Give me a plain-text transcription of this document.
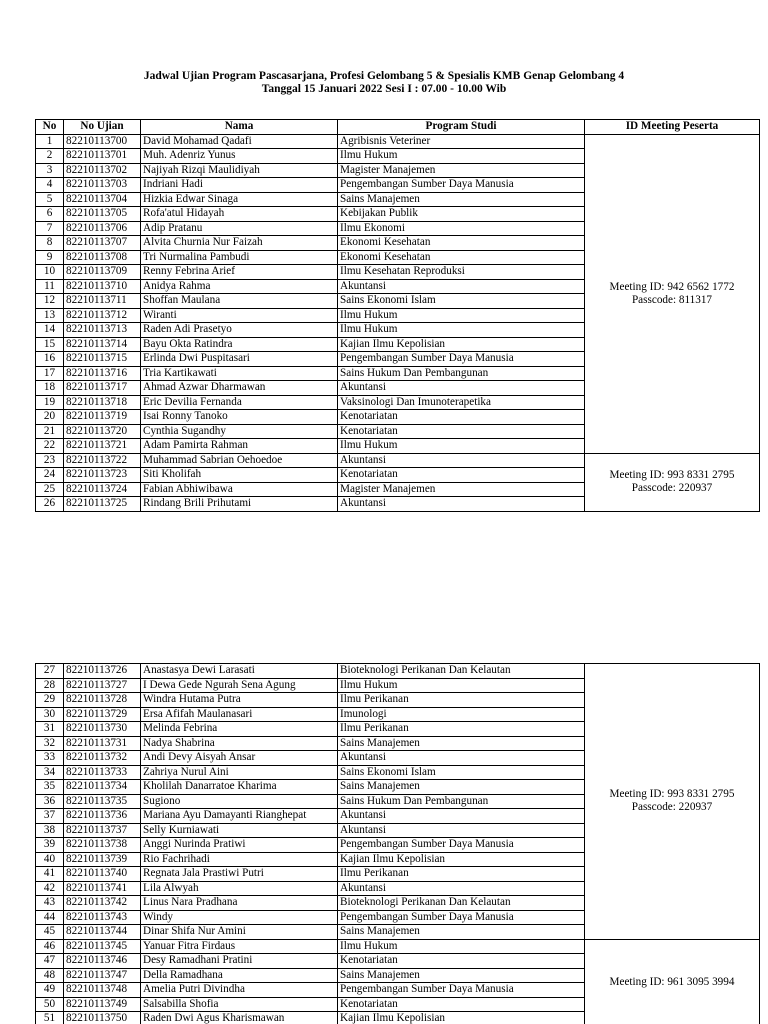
Jadwal Ujian Program Pascasarjana, Profesi Gelombang 5 & Spesialis KMB Genap Gelombang 4
Tanggal 15 Januari 2022 Sesi I : 07.00 - 10.00 Wib
No	No Ujian	Nama	Program Studi	ID Meeting Peserta
1	82210113700	David Mohamad Qadafi	Agribisnis Veteriner	Meeting ID: 942 6562 1772
Passcode: 811317

2	82210113701	Muh. Adenriz Yunus	Ilmu Hukum	
3	82210113702	Najiyah Rizqi Maulidiyah	Magister Manajemen	
4	82210113703	Indriani Hadi	Pengembangan Sumber Daya Manusia	
5	82210113704	Hizkia Edwar Sinaga	Sains Manajemen	
6	82210113705	Rofa'atul Hidayah	Kebijakan Publik	
7	82210113706	Adip Pratanu	Ilmu Ekonomi	
8	82210113707	Alvita Churnia Nur Faizah	Ekonomi Kesehatan	
9	82210113708	Tri Nurmalina Pambudi	Ekonomi Kesehatan	
10	82210113709	Renny Febrina Arief	Ilmu Kesehatan Reproduksi	
11	82210113710	Anidya Rahma	Akuntansi	
12	82210113711	Shoffan Maulana	Sains Ekonomi Islam	
13	82210113712	Wiranti	Ilmu Hukum	
14	82210113713	Raden Adi Prasetyo	Ilmu Hukum	
15	82210113714	Bayu Okta Ratindra	Kajian Ilmu Kepolisian	
16	82210113715	Erlinda Dwi Puspitasari	Pengembangan Sumber Daya Manusia	
17	82210113716	Tria Kartikawati	Sains Hukum Dan Pembangunan	
18	82210113717	Ahmad Azwar Dharmawan	Akuntansi	
19	82210113718	Eric Devilia Fernanda	Vaksinologi Dan Imunoterapetika	
20	82210113719	Isai Ronny Tanoko	Kenotariatan	
21	82210113720	Cynthia Sugandhy	Kenotariatan	
22	82210113721	Adam Pamirta Rahman	Ilmu Hukum	
23	82210113722	Muhammad Sabrian Oehoedoe	Akuntansi	Meeting ID: 993 8331 2795
Passcode: 220937

24	82210113723	Siti Kholifah	Kenotariatan	
25	82210113724	Fabian Abhiwibawa	Magister Manajemen	
26	82210113725	Rindang Brili Prihutami	Akuntansi	
27	82210113726	Anastasya Dewi Larasati	Bioteknologi Perikanan Dan Kelautan	Meeting ID: 993 8331 2795
Passcode: 220937

28	82210113727	I Dewa Gede Ngurah Sena Agung	Ilmu Hukum	
29	82210113728	Windra Hutama Putra	Ilmu Perikanan	
30	82210113729	Ersa Afifah Maulanasari	Imunologi	
31	82210113730	Melinda Febrina	Ilmu Perikanan	
32	82210113731	Nadya Shabrina	Sains Manajemen	
33	82210113732	Andi Devy Aisyah Ansar	Akuntansi	
34	82210113733	Zahriya Nurul Aini	Sains Ekonomi Islam	
35	82210113734	Kholilah Danarratoe Kharima	Sains Manajemen	
36	82210113735	Sugiono	Sains Hukum Dan Pembangunan	
37	82210113736	Mariana Ayu Damayanti Rianghepat	Akuntansi	
38	82210113737	Selly Kurniawati	Akuntansi	
39	82210113738	Anggi Nurinda Pratiwi	Pengembangan Sumber Daya Manusia	
40	82210113739	Rio Fachrihadi	Kajian Ilmu Kepolisian	
41	82210113740	Regnata Jala Prastiwi Putri	Ilmu Perikanan	
42	82210113741	Lila Alwyah	Akuntansi	
43	82210113742	Linus Nara Pradhana	Bioteknologi Perikanan Dan Kelautan	
44	82210113743	Windy	Pengembangan Sumber Daya Manusia	
45	82210113744	Dinar Shifa Nur Amini	Sains Manajemen	
46	82210113745	Yanuar Fitra Firdaus	Ilmu Hukum	Meeting ID: 961 3095 3994

47	82210113746	Desy Ramadhani Pratini	Kenotariatan	
48	82210113747	Della Ramadhana	Sains Manajemen	
49	82210113748	Amelia Putri Divindha	Pengembangan Sumber Daya Manusia	
50	82210113749	Salsabilla Shofia	Kenotariatan	
51	82210113750	Raden Dwi Agus Kharismawan	Kajian Ilmu Kepolisian	
